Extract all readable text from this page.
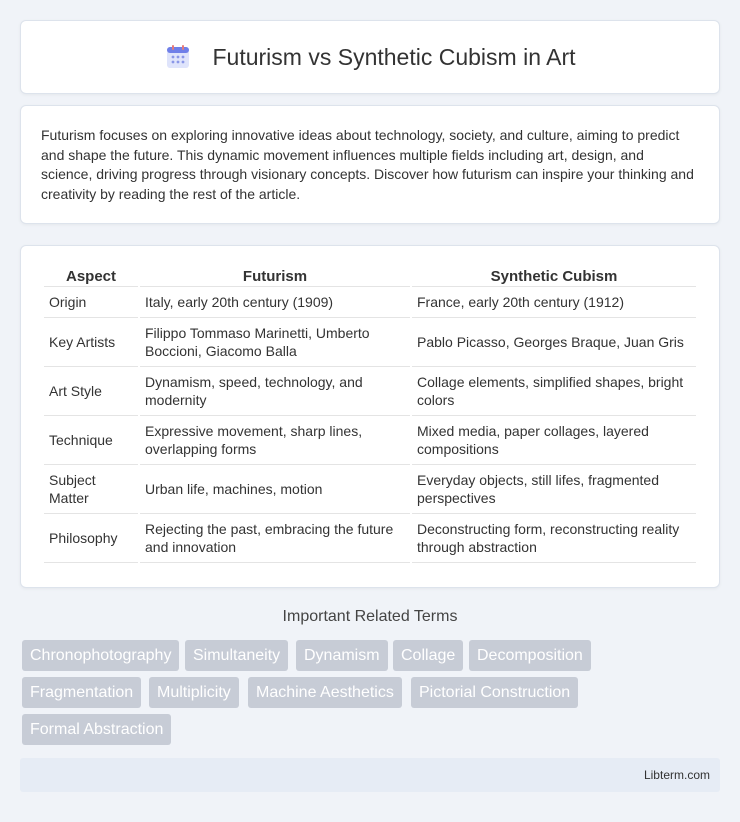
Futurism vs Synthetic Cubism in Art

Futurism focuses on exploring innovative ideas about technology, society, and culture, aiming to predict and shape the future. This dynamic movement influences multiple fields including art, design, and science, driving progress through visionary concepts. Discover how futurism can inspire your thinking and creativity by reading the rest of the article.

Aspect	Futurism	Synthetic Cubism
Origin	Italy, early 20th century (1909)	France, early 20th century (1912)
Key Artists	Filippo Tommaso Marinetti, Umberto Boccioni, Giacomo Balla	Pablo Picasso, Georges Braque, Juan Gris
Art Style	Dynamism, speed, technology, and modernity	Collage elements, simplified shapes, bright colors
Technique	Expressive movement, sharp lines, overlapping forms	Mixed media, paper collages, layered compositions
Subject Matter	Urban life, machines, motion	Everyday objects, still lifes, fragmented perspectives
Philosophy	Rejecting the past, embracing the future and innovation	Deconstructing form, reconstructing reality through abstraction
Important Related Terms
Chronophotography	Simultaneity	Dynamism	Collage	Decomposition
Fragmentation	Multiplicity	Machine Aesthetics	Pictorial Construction
Formal Abstraction
Libterm.com
